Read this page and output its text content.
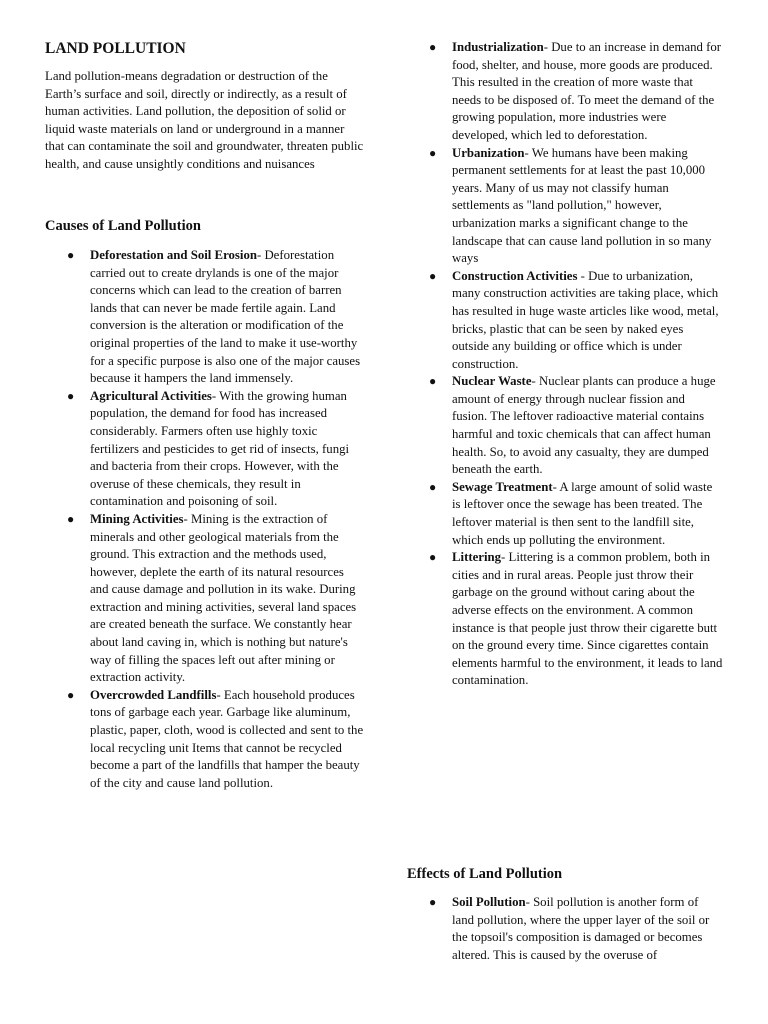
LAND POLLUTION

Land pollution-means degradation or destruction of the Earth’s surface and soil, directly or indirectly, as a result of human activities. Land pollution, the deposition of solid or liquid waste materials on land or underground in a manner that can contaminate the soil and groundwater, threaten public health, and cause unsightly conditions and nuisances

Causes of Land Pollution
● Deforestation and Soil Erosion- Deforestation carried out to create drylands is one of the major concerns which can lead to the creation of barren lands that can never be made fertile again. Land conversion is the alteration or modification of the original properties of the land to make it use-worthy for a specific purpose is also one of the major causes because it hampers the land immensely.
● Agricultural Activities- With the growing human population, the demand for food has increased considerably. Farmers often use highly toxic fertilizers and pesticides to get rid of insects, fungi and bacteria from their crops. However, with the overuse of these chemicals, they result in contamination and poisoning of soil.
● Mining Activities- Mining is the extraction of minerals and other geological materials from the ground. This extraction and the methods used, however, deplete the earth of its natural resources and cause damage and pollution in its wake. During extraction and mining activities, several land spaces are created beneath the surface. We constantly hear about land caving in, which is nothing but nature's way of filling the spaces left out after mining or extraction activity.
● Overcrowded Landfills- Each household produces tons of garbage each year. Garbage like aluminum, plastic, paper, cloth, wood is collected and sent to the local recycling unit Items that cannot be recycled become a part of the landfills that hamper the beauty of the city and cause land pollution.
● Industrialization- Due to an increase in demand for food, shelter, and house, more goods are produced. This resulted in the creation of more waste that needs to be disposed of. To meet the demand of the growing population, more industries were developed, which led to deforestation.
● Urbanization- We humans have been making permanent settlements for at least the past 10,000 years. Many of us may not classify human settlements as "land pollution," however, urbanization marks a significant change to the landscape that can cause land pollution in so many ways
● Construction Activities - Due to urbanization, many construction activities are taking place, which has resulted in huge waste articles like wood, metal, bricks, plastic that can be seen by naked eyes outside any building or office which is under construction.
● Nuclear Waste- Nuclear plants can produce a huge amount of energy through nuclear fission and fusion. The leftover radioactive material contains harmful and toxic chemicals that can affect human health. So, to avoid any casualty, they are dumped beneath the earth.
● Sewage Treatment- A large amount of solid waste is leftover once the sewage has been treated. The leftover material is then sent to the landfill site, which ends up polluting the environment.
● Littering- Littering is a common problem, both in cities and in rural areas. People just throw their garbage on the ground without caring about the adverse effects on the environment. A common instance is that people just throw their cigarette butt on the ground every time. Since cigarettes contain elements harmful to the environment, it leads to land contamination.
Effects of Land Pollution
● Soil Pollution- Soil pollution is another form of land pollution, where the upper layer of the soil or the topsoil's composition is damaged or becomes altered. This is caused by the overuse of
